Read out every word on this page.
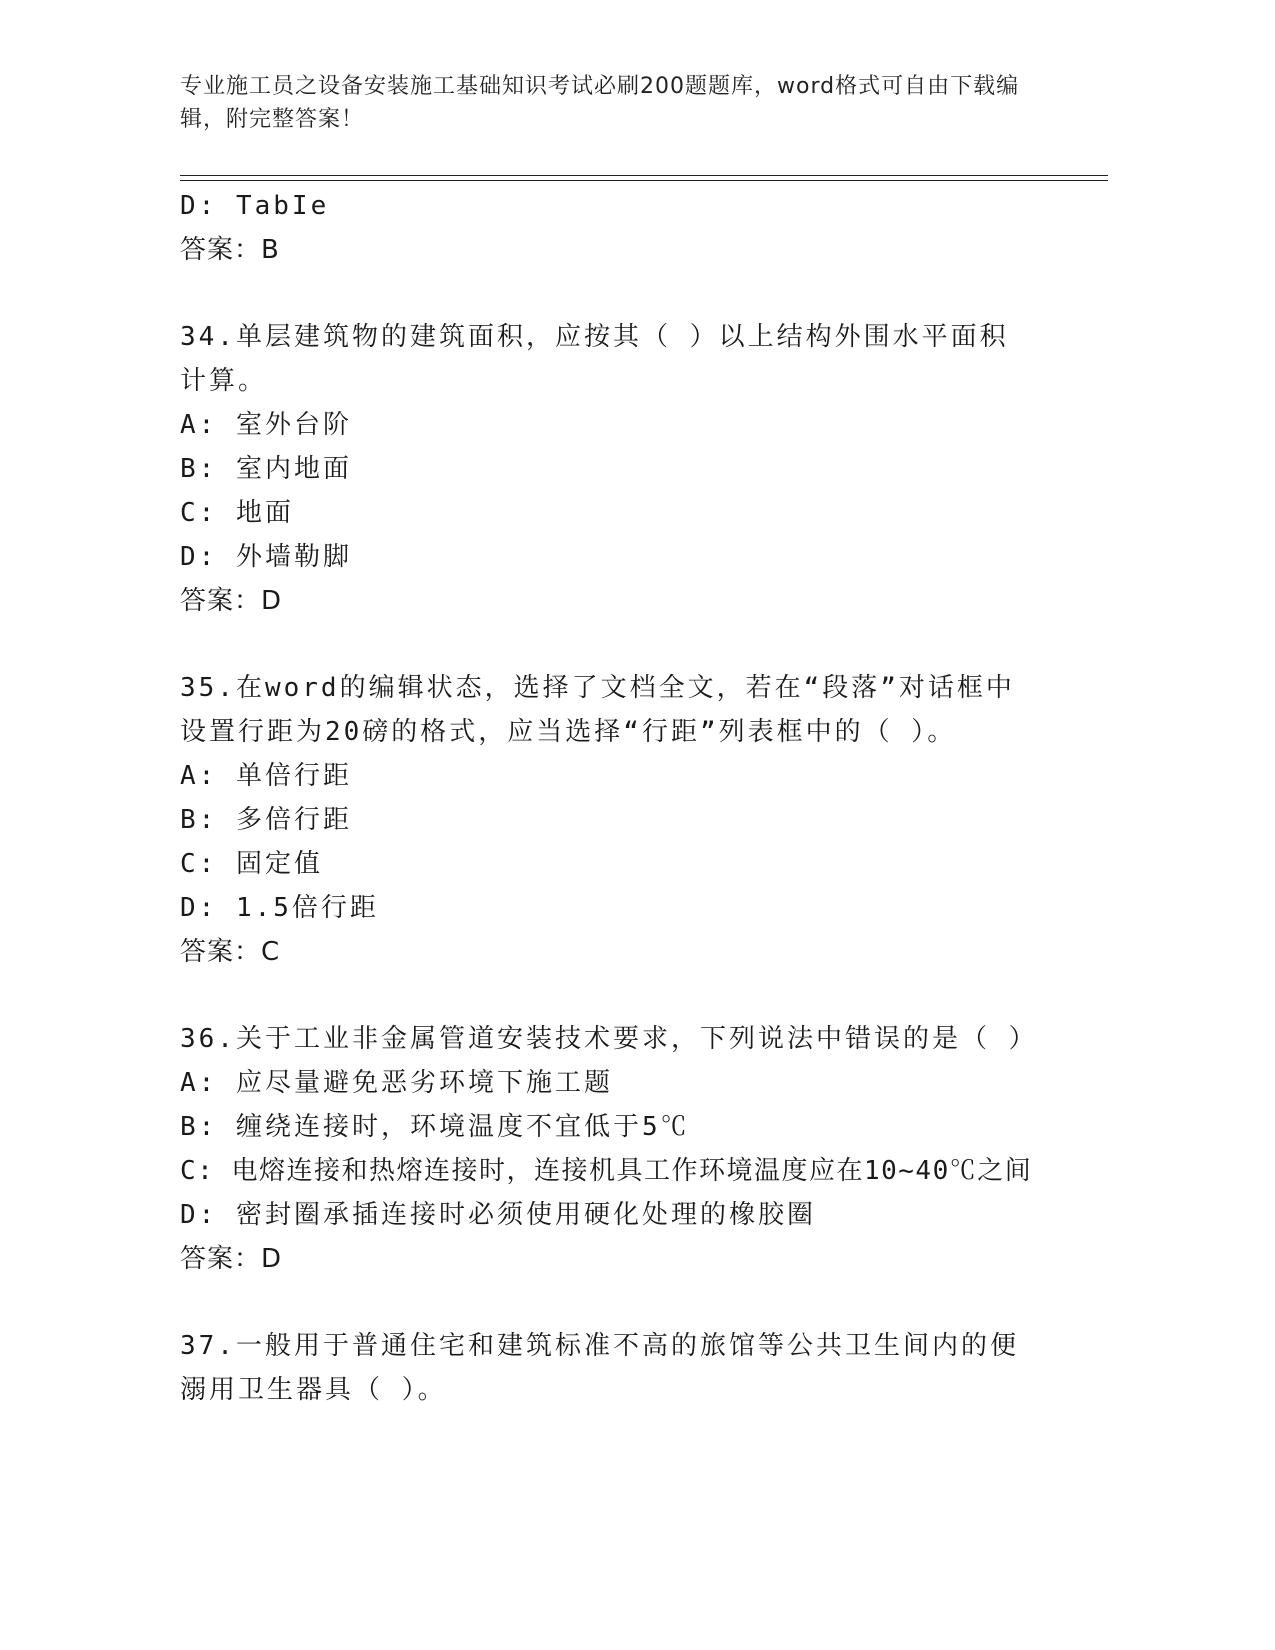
专业施工员之设备安装施工基础知识考试必刷200题题库，word格式可自由下载编辑，附完整答案！
D: TabIe
答案：B
34.单层建筑物的建筑面积，应按其（ ）以上结构外围水平面积计算。
A: 室外台阶
B: 室内地面
C: 地面
D: 外墙勒脚
答案：D
35.在word的编辑状态，选择了文档全文，若在“段落”对话框中设置行距为20磅的格式，应当选择“行距”列表框中的（ ）。
A: 单倍行距
B: 多倍行距
C: 固定值
D: 1.5倍行距
答案：C
36.关于工业非金属管道安装技术要求，下列说法中错误的是（ ）
A: 应尽量避免恶劣环境下施工题
B: 缠绕连接时，环境温度不宜低于5℃
C: 电熔连接和热熔连接时，连接机具工作环境温度应在10~40℃之间
D: 密封圈承插连接时必须使用硬化处理的橡胶圈
答案：D
37.一般用于普通住宅和建筑标准不高的旅馆等公共卫生间内的便溺用卫生器具（ ）。
